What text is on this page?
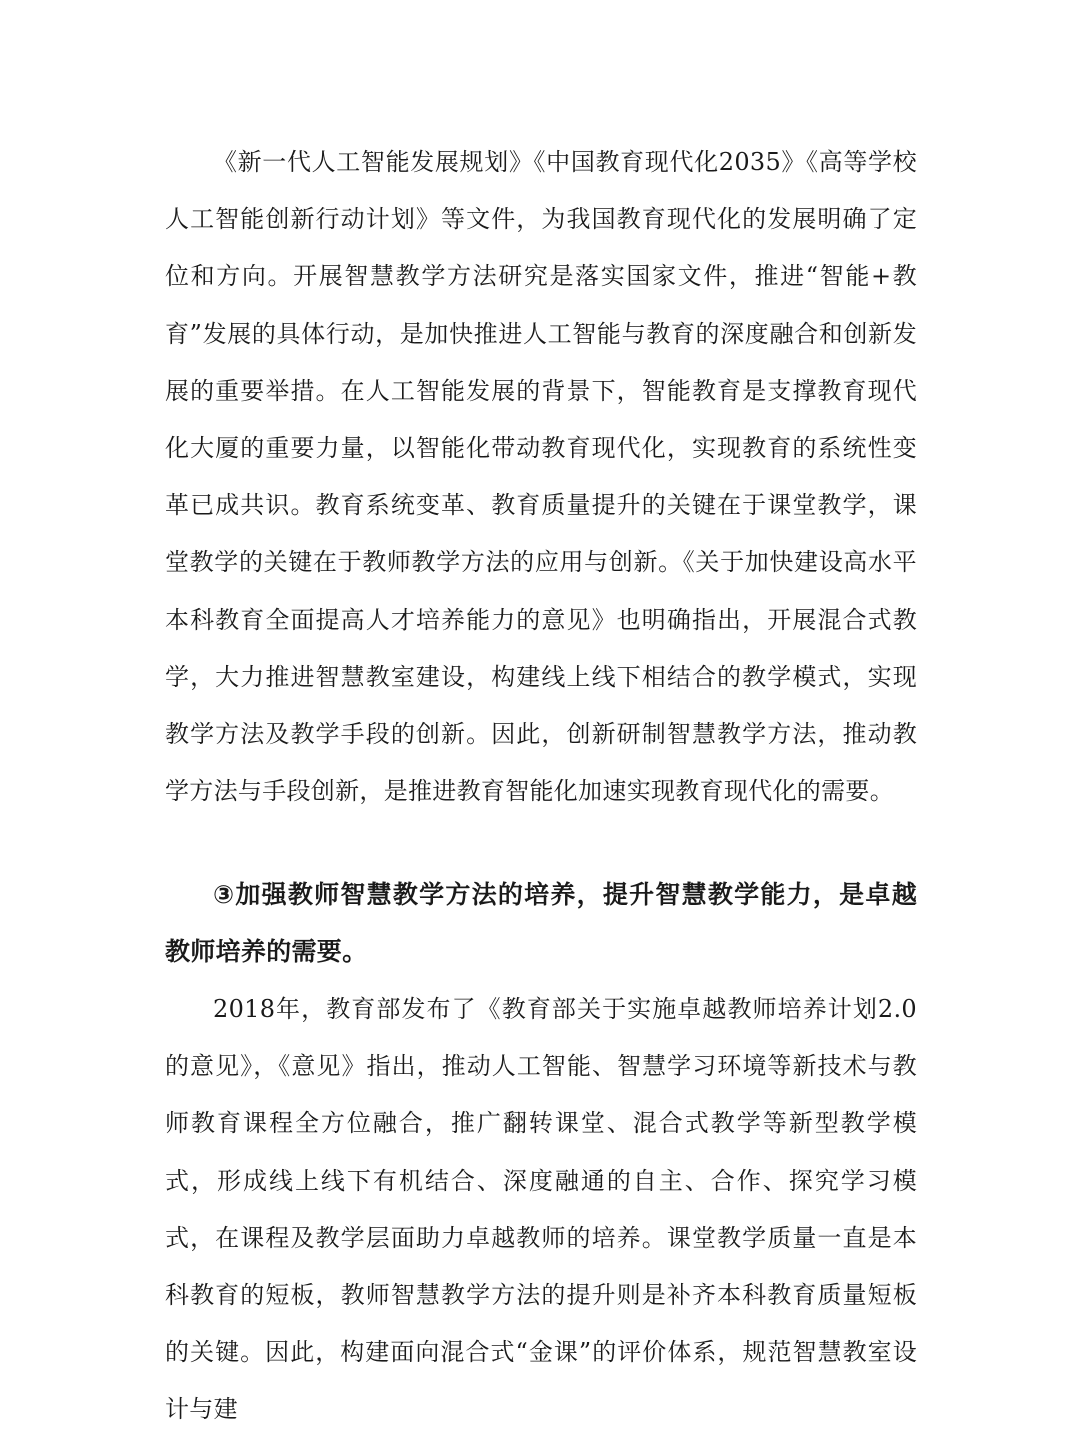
《新一代人工智能发展规划》《中国教育现代化2035》《高等学校人工智能创新行动计划》等文件，为我国教育现代化的发展明确了定位和方向。开展智慧教学方法研究是落实国家文件，推进“智能+教育”发展的具体行动，是加快推进人工智能与教育的深度融合和创新发展的重要举措。在人工智能发展的背景下，智能教育是支撑教育现代化大厦的重要力量，以智能化带动教育现代化，实现教育的系统性变革已成共识。教育系统变革、教育质量提升的关键在于课堂教学，课堂教学的关键在于教师教学方法的应用与创新。《关于加快建设高水平本科教育全面提高人才培养能力的意见》也明确指出，开展混合式教学，大力推进智慧教室建设，构建线上线下相结合的教学模式，实现教学方法及教学手段的创新。因此，创新研制智慧教学方法，推动教学方法与手段创新，是推进教育智能化加速实现教育现代化的需要。

③加强教师智慧教学方法的培养，提升智慧教学能力，是卓越教师培养的需要。

2018年，教育部发布了《教育部关于实施卓越教师培养计划2.0的意见》，《意见》指出，推动人工智能、智慧学习环境等新技术与教师教育课程全方位融合，推广翻转课堂、混合式教学等新型教学模式，形成线上线下有机结合、深度融通的自主、合作、探究学习模式，在课程及教学层面助力卓越教师的培养。课堂教学质量一直是本科教育的短板，教师智慧教学方法的提升则是补齐本科教育质量短板的关键。因此，构建面向混合式“金课”的评价体系，规范智慧教室设计与建
